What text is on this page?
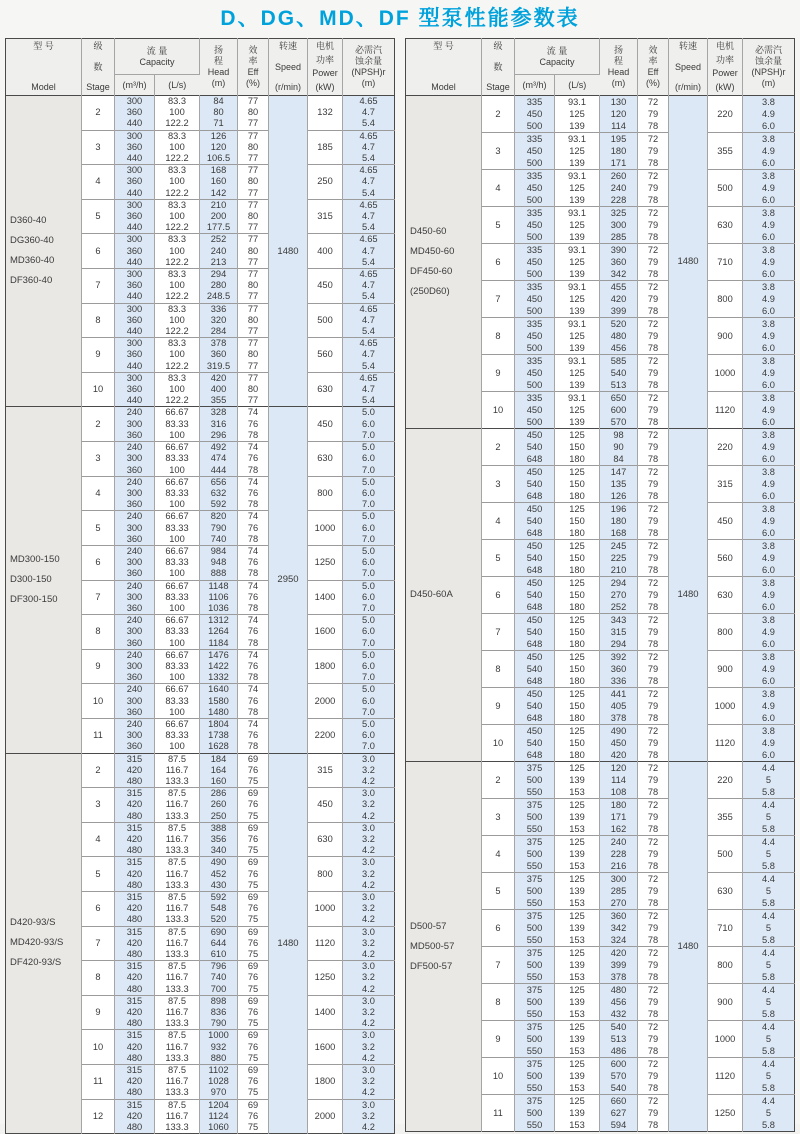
D、DG、MD、DF 型泵性能参数表
型 号
Model

级
数
Stage

流 量
Capacity

扬
程
Head
(m)

效
率
Eff
(%)

转速
Speed
(r/min)

电机
功率
Power
(kW)

必需汽
蚀余量
(NPSH)r
(m)

		(m³/h)	(L/s)					

D360-40
DG360-40
MD360-40
DF360-40	2	300	83.3	84	77	1480	132	4.65
		360	100	80	80			4.7
		440	122.2	71	77			5.4
	3	300	83.3	126	77		185	4.65
		360	100	120	80			4.7
		440	122.2	106.5	77			5.4
	4	300	83.3	168	77		250	4.65
		360	100	160	80			4.7
		440	122.2	142	77			5.4
	5	300	83.3	210	77		315	4.65
		360	100	200	80			4.7
		440	122.2	177.5	77			5.4
	6	300	83.3	252	77		400	4.65
		360	100	240	80			4.7
		440	122.2	213	77			5.4
	7	300	83.3	294	77		450	4.65
		360	100	280	80			4.7
		440	122.2	248.5	77			5.4
	8	300	83.3	336	77		500	4.65
		360	100	320	80			4.7
		440	122.2	284	77			5.4
	9	300	83.3	378	77		560	4.65
		360	100	360	80			4.7
		440	122.2	319.5	77			5.4
	10	300	83.3	420	77		630	4.65
		360	100	400	80			4.7
		440	122.2	355	77			5.4

MD300-150
D300-150
DF300-150	2	240	66.67	328	74	2950	450	5.0
		300	83.33	316	76			6.0
		360	100	296	78			7.0
	3	240	66.67	492	74		630	5.0
		300	83.33	474	76			6.0
		360	100	444	78			7.0
	4	240	66.67	656	74		800	5.0
		300	83.33	632	76			6.0
		360	100	592	78			7.0
	5	240	66.67	820	74		1000	5.0
		300	83.33	790	76			6.0
		360	100	740	78			7.0
	6	240	66.67	984	74		1250	5.0
		300	83.33	948	76			6.0
		360	100	888	78			7.0
	7	240	66.67	1148	74		1400	5.0
		300	83.33	1106	76			6.0
		360	100	1036	78			7.0
	8	240	66.67	1312	74		1600	5.0
		300	83.33	1264	76			6.0
		360	100	1184	78			7.0
	9	240	66.67	1476	74		1800	5.0
		300	83.33	1422	76			6.0
		360	100	1332	78			7.0
	10	240	66.67	1640	74		2000	5.0
		300	83.33	1580	76			6.0
		360	100	1480	78			7.0
	11	240	66.67	1804	74		2200	5.0
		300	83.33	1738	76			6.0
		360	100	1628	78			7.0

D420-93/S
MD420-93/S
DF420-93/S	2	315	87.5	184	69	1480	315	3.0
		420	116.7	164	76			3.2
		480	133.3	160	75			4.2
	3	315	87.5	286	69		450	3.0
		420	116.7	260	76			3.2
		480	133.3	250	75			4.2
	4	315	87.5	388	69		630	3.0
		420	116.7	356	76			3.2
		480	133.3	340	75			4.2
	5	315	87.5	490	69		800	3.0
		420	116.7	452	76			3.2
		480	133.3	430	75			4.2
	6	315	87.5	592	69		1000	3.0
		420	116.7	548	76			3.2
		480	133.3	520	75			4.2
	7	315	87.5	690	69		1120	3.0
		420	116.7	644	76			3.2
		480	133.3	610	75			4.2
	8	315	87.5	796	69		1250	3.0
		420	116.7	740	76			3.2
		480	133.3	700	75			4.2
	9	315	87.5	898	69		1400	3.0
		420	116.7	836	76			3.2
		480	133.3	790	75			4.2
	10	315	87.5	1000	69		1600	3.0
		420	116.7	932	76			3.2
		480	133.3	880	75			4.2
	11	315	87.5	1102	69		1800	3.0
		420	116.7	1028	76			3.2
		480	133.3	970	75			4.2
	12	315	87.5	1204	69		2000	3.0
		420	116.7	1124	76			3.2
		480	133.3	1060	75			4.2
型 号
Model

级
数
Stage

流 量
Capacity

扬
程
Head
(m)

效
率
Eff
(%)

转速
Speed
(r/min)

电机
功率
Power
(kW)

必需汽
蚀余量
(NPSH)r
(m)

		(m³/h)	(L/s)					

D450-60
MD450-60
DF450-60
(250D60)	2	335	93.1	130	72	1480	220	3.8
		450	125	120	79			4.9
		500	139	114	78			6.0
	3	335	93.1	195	72		355	3.8
		450	125	180	79			4.9
		500	139	171	78			6.0
	4	335	93.1	260	72		500	3.8
		450	125	240	79			4.9
		500	139	228	78			6.0
	5	335	93.1	325	72		630	3.8
		450	125	300	79			4.9
		500	139	285	78			6.0
	6	335	93.1	390	72		710	3.8
		450	125	360	79			4.9
		500	139	342	78			6.0
	7	335	93.1	455	72		800	3.8
		450	125	420	79			4.9
		500	139	399	78			6.0
	8	335	93.1	520	72		900	3.8
		450	125	480	79			4.9
		500	139	456	78			6.0
	9	335	93.1	585	72		1000	3.8
		450	125	540	79			4.9
		500	139	513	78			6.0
	10	335	93.1	650	72		1120	3.8
		450	125	600	79			4.9
		500	139	570	78			6.0

D450-60A	2	450	125	98	72	1480	220	3.8
		540	150	90	79			4.9
		648	180	84	78			6.0
	3	450	125	147	72		315	3.8
		540	150	135	79			4.9
		648	180	126	78			6.0
	4	450	125	196	72		450	3.8
		540	150	180	79			4.9
		648	180	168	78			6.0
	5	450	125	245	72		560	3.8
		540	150	225	79			4.9
		648	180	210	78			6.0
	6	450	125	294	72		630	3.8
		540	150	270	79			4.9
		648	180	252	78			6.0
	7	450	125	343	72		800	3.8
		540	150	315	79			4.9
		648	180	294	78			6.0
	8	450	125	392	72		900	3.8
		540	150	360	79			4.9
		648	180	336	78			6.0
	9	450	125	441	72		1000	3.8
		540	150	405	79			4.9
		648	180	378	78			6.0
	10	450	125	490	72		1120	3.8
		540	150	450	79			4.9
		648	180	420	78			6.0

D500-57
MD500-57
DF500-57	2	375	125	120	72	1480	220	4.4
		500	139	114	79			5
		550	153	108	78			5.8
	3	375	125	180	72		355	4.4
		500	139	171	79			5
		550	153	162	78			5.8
	4	375	125	240	72		500	4.4
		500	139	228	79			5
		550	153	216	78			5.8
	5	375	125	300	72		630	4.4
		500	139	285	79			5
		550	153	270	78			5.8
	6	375	125	360	72		710	4.4
		500	139	342	79			5
		550	153	324	78			5.8
	7	375	125	420	72		800	4.4
		500	139	399	79			5
		550	153	378	78			5.8
	8	375	125	480	72		900	4.4
		500	139	456	79			5
		550	153	432	78			5.8
	9	375	125	540	72		1000	4.4
		500	139	513	79			5
		550	153	486	78			5.8
	10	375	125	600	72		1120	4.4
		500	139	570	79			5
		550	153	540	78			5.8
	11	375	125	660	72		1250	4.4
		500	139	627	79			5
		550	153	594	78			5.8
